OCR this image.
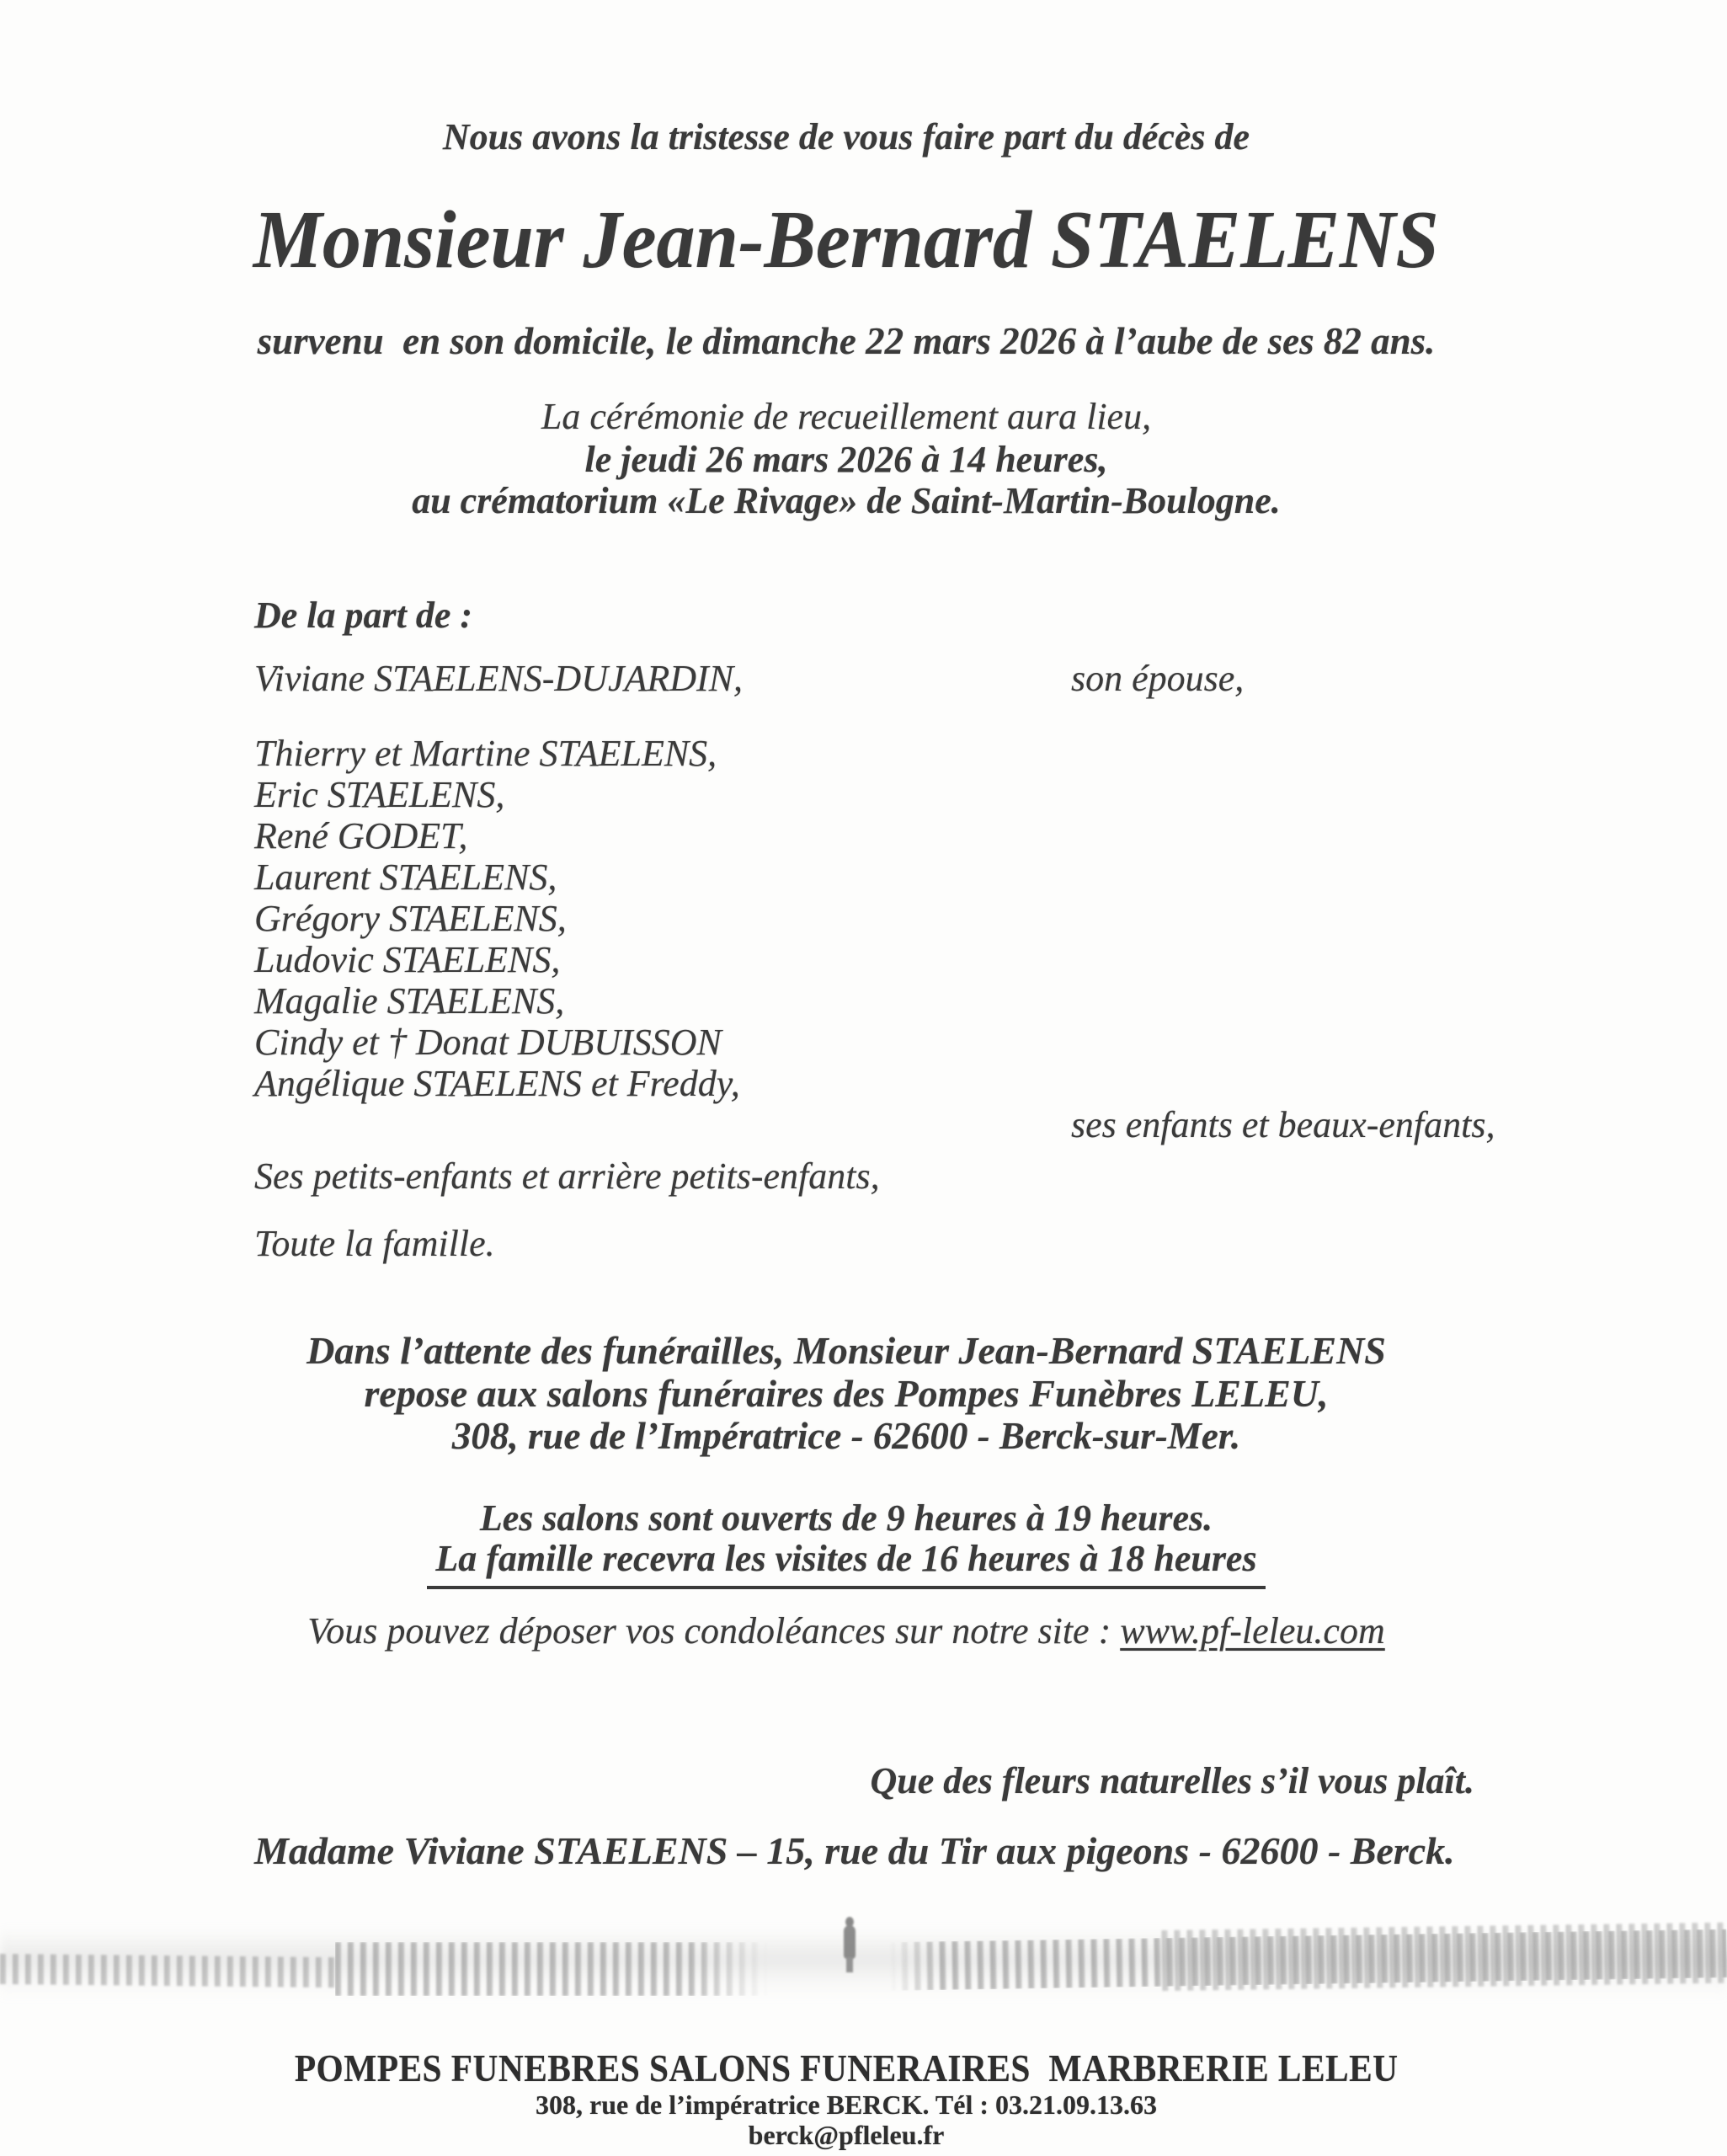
Nous avons la tristesse de vous faire part du décès de
Monsieur Jean-Bernard STAELENS
survenu  en son domicile, le dimanche 22 mars 2026 à l’aube de ses 82 ans.
La cérémonie de recueillement aura lieu,
le jeudi 26 mars 2026 à 14 heures,
au crématorium «Le Rivage» de Saint-Martin-Boulogne.
De la part de :
Viviane STAELENS-DUJARDIN,	son épouse,
Thierry et Martine STAELENS,
Eric STAELENS,
René GODET,
Laurent STAELENS,
Grégory STAELENS,
Ludovic STAELENS,
Magalie STAELENS,
Cindy et † Donat DUBUISSON
Angélique STAELENS et Freddy,
ses enfants et beaux-enfants,
Ses petits-enfants et arrière petits-enfants,
Toute la famille.
Dans l’attente des funérailles, Monsieur Jean-Bernard STAELENS
repose aux salons funéraires des Pompes Funèbres LELEU,
308, rue de l’Impératrice - 62600 - Berck-sur-Mer.
Les salons sont ouverts de 9 heures à 19 heures.
La famille recevra les visites de 16 heures à 18 heures
Vous pouvez déposer vos condoléances sur notre site : www.pf-leleu.com
Que des fleurs naturelles s’il vous plaît.
Madame Viviane STAELENS – 15, rue du Tir aux pigeons - 62600 - Berck.
POMPES FUNEBRES SALONS FUNERAIRES  MARBRERIE LELEU
308, rue de l’impératrice BERCK. Tél : 03.21.09.13.63
berck@pfleleu.fr
